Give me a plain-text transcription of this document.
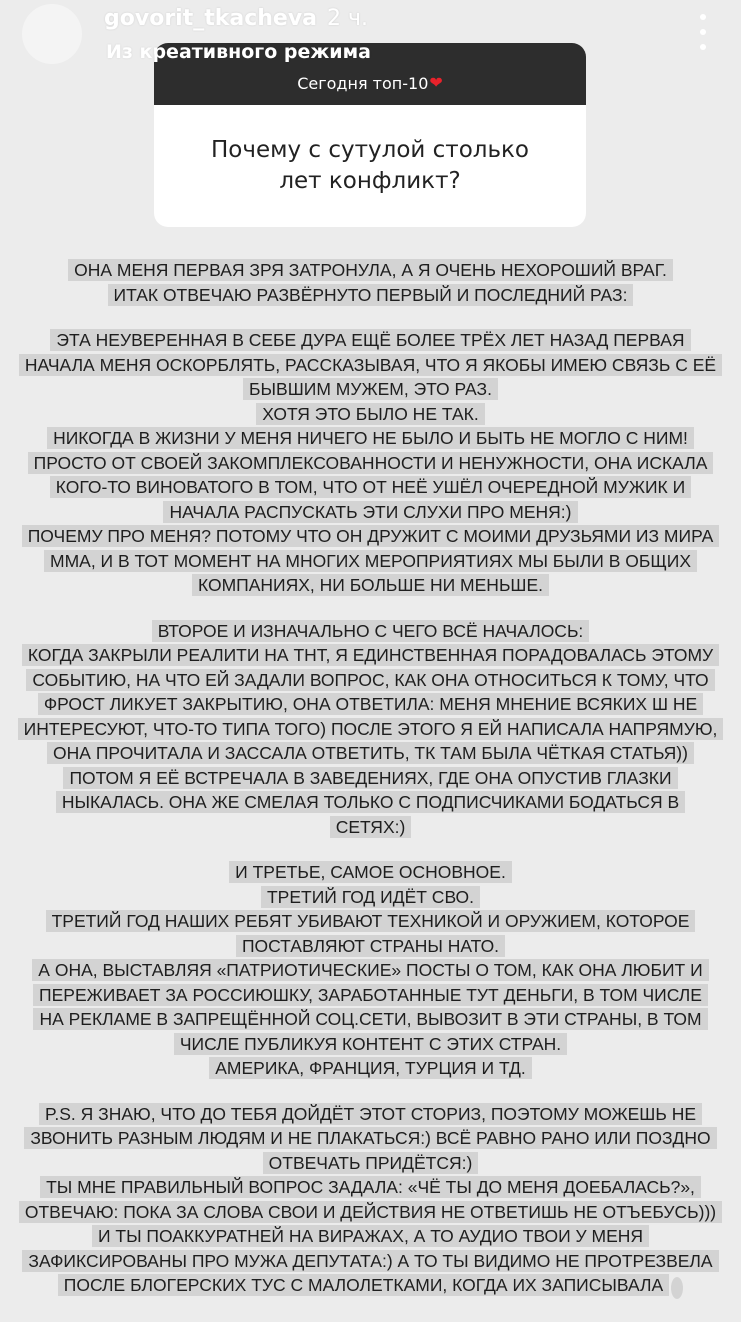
govorit_tkacheva 2 ч.
Из креативного режима
Сегодня топ-10 ❤
Почему с сутулой столько лет конфликт?
ОНА МЕНЯ ПЕРВАЯ ЗРЯ ЗАТРОНУЛА, А Я ОЧЕНЬ НЕХОРОШИЙ ВРАГ.
ИТАК ОТВЕЧАЮ РАЗВЁРНУТО ПЕРВЫЙ И ПОСЛЕДНИЙ РАЗ:
ЭТА НЕУВЕРЕННАЯ В СЕБЕ ДУРА ЕЩЁ БОЛЕЕ ТРЁХ ЛЕТ НАЗАД ПЕРВАЯ
НАЧАЛА МЕНЯ ОСКОРБЛЯТЬ, РАССКАЗЫВАЯ, ЧТО Я ЯКОБЫ ИМЕЮ СВЯЗЬ С ЕЁ
БЫВШИМ МУЖЕМ, ЭТО РАЗ.
ХОТЯ ЭТО БЫЛО НЕ ТАК.
НИКОГДА В ЖИЗНИ У МЕНЯ НИЧЕГО НЕ БЫЛО И БЫТЬ НЕ МОГЛО С НИМ!
ПРОСТО ОТ СВОЕЙ ЗАКОМПЛЕКСОВАННОСТИ И НЕНУЖНОСТИ, ОНА ИСКАЛА
КОГО-ТО ВИНОВАТОГО В ТОМ, ЧТО ОТ НЕЁ УШЁЛ ОЧЕРЕДНОЙ МУЖИК И
НАЧАЛА РАСПУСКАТЬ ЭТИ СЛУХИ ПРО МЕНЯ:)
ПОЧЕМУ ПРО МЕНЯ? ПОТОМУ ЧТО ОН ДРУЖИТ С МОИМИ ДРУЗЬЯМИ ИЗ МИРА
ММА, И В ТОТ МОМЕНТ НА МНОГИХ МЕРОПРИЯТИЯХ МЫ БЫЛИ В ОБЩИХ
КОМПАНИЯХ, НИ БОЛЬШЕ НИ МЕНЬШЕ.
ВТОРОЕ И ИЗНАЧАЛЬНО С ЧЕГО ВСЁ НАЧАЛОСЬ:
КОГДА ЗАКРЫЛИ РЕАЛИТИ НА ТНТ, Я ЕДИНСТВЕННАЯ ПОРАДОВАЛАСЬ ЭТОМУ
СОБЫТИЮ, НА ЧТО ЕЙ ЗАДАЛИ ВОПРОС, КАК ОНА ОТНОСИТЬСЯ К ТОМУ, ЧТО
ФРОСТ ЛИКУЕТ ЗАКРЫТИЮ, ОНА ОТВЕТИЛА: МЕНЯ МНЕНИЕ ВСЯКИХ Ш НЕ
ИНТЕРЕСУЮТ, ЧТО-ТО ТИПА ТОГО) ПОСЛЕ ЭТОГО Я ЕЙ НАПИСАЛА НАПРЯМУЮ,
ОНА ПРОЧИТАЛА И ЗАССАЛА ОТВЕТИТЬ, ТК ТАМ БЫЛА ЧЁТКАЯ СТАТЬЯ))
ПОТОМ Я ЕЁ ВСТРЕЧАЛА В ЗАВЕДЕНИЯХ, ГДЕ ОНА ОПУСТИВ ГЛАЗКИ
НЫКАЛАСЬ. ОНА ЖЕ СМЕЛАЯ ТОЛЬКО С ПОДПИСЧИКАМИ БОДАТЬСЯ В
СЕТЯХ:)
И ТРЕТЬЕ, САМОЕ ОСНОВНОЕ.
ТРЕТИЙ ГОД ИДЁТ СВО.
ТРЕТИЙ ГОД НАШИХ РЕБЯТ УБИВАЮТ ТЕХНИКОЙ И ОРУЖИЕМ, КОТОРОЕ
ПОСТАВЛЯЮТ СТРАНЫ НАТО.
А ОНА, ВЫСТАВЛЯЯ «ПАТРИОТИЧЕСКИЕ» ПОСТЫ О ТОМ, КАК ОНА ЛЮБИТ И
ПЕРЕЖИВАЕТ ЗА РОССИЮШКУ, ЗАРАБОТАННЫЕ ТУТ ДЕНЬГИ, В ТОМ ЧИСЛЕ
НА РЕКЛАМЕ В ЗАПРЕЩЁННОЙ СОЦ.СЕТИ, ВЫВОЗИТ В ЭТИ СТРАНЫ, В ТОМ
ЧИСЛЕ ПУБЛИКУЯ КОНТЕНТ С ЭТИХ СТРАН.
АМЕРИКА, ФРАНЦИЯ, ТУРЦИЯ И ТД.
P.S. Я ЗНАЮ, ЧТО ДО ТЕБЯ ДОЙДЁТ ЭТОТ СТОРИЗ, ПОЭТОМУ МОЖЕШЬ НЕ
ЗВОНИТЬ РАЗНЫМ ЛЮДЯМ И НЕ ПЛАКАТЬСЯ:) ВСЁ РАВНО РАНО ИЛИ ПОЗДНО
ОТВЕЧАТЬ ПРИДЁТСЯ:)
ТЫ МНЕ ПРАВИЛЬНЫЙ ВОПРОС ЗАДАЛА: «ЧЁ ТЫ ДО МЕНЯ ДОЕБАЛАСЬ?»,
ОТВЕЧАЮ: ПОКА ЗА СЛОВА СВОИ И ДЕЙСТВИЯ НЕ ОТВЕТИШЬ НЕ ОТЪЕБУСЬ)))
И ТЫ ПОАККУРАТНЕЙ НА ВИРАЖАХ, А ТО АУДИО ТВОИ У МЕНЯ
ЗАФИКСИРОВАНЫ ПРО МУЖА ДЕПУТАТА:) А ТО ТЫ ВИДИМО НЕ ПРОТРЕЗВЕЛА
ПОСЛЕ БЛОГЕРСКИХ ТУС С МАЛОЛЕТКАМИ, КОГДА ИХ ЗАПИСЫВАЛА
